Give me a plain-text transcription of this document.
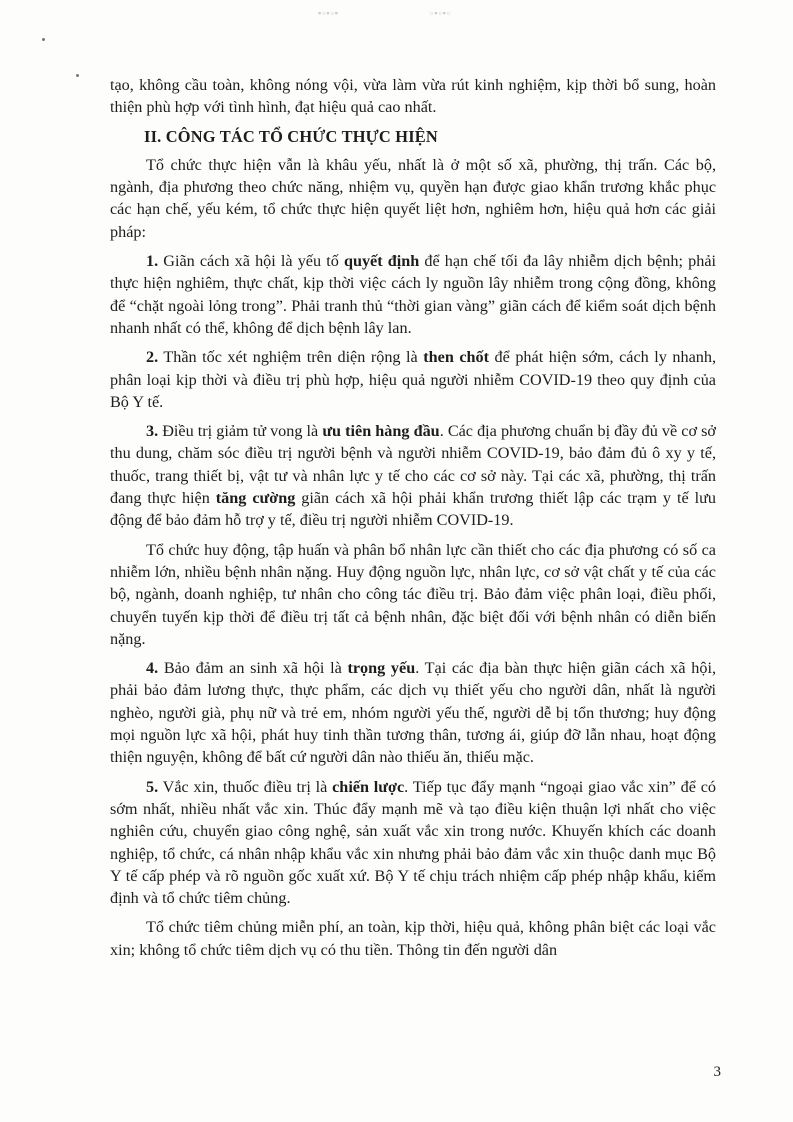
▪▫▪▫▪	▫▪▫▪▫

tạo, không cầu toàn, không nóng vội, vừa làm vừa rút kinh nghiệm, kịp thời bổ sung, hoàn thiện phù hợp với tình hình, đạt hiệu quả cao nhất.

II. CÔNG TÁC TỔ CHỨC THỰC HIỆN

Tổ chức thực hiện vẫn là khâu yếu, nhất là ở một số xã, phường, thị trấn. Các bộ, ngành, địa phương theo chức năng, nhiệm vụ, quyền hạn được giao khẩn trương khắc phục các hạn chế, yếu kém, tổ chức thực hiện quyết liệt hơn, nghiêm hơn, hiệu quả hơn các giải pháp:

1. Giãn cách xã hội là yếu tố quyết định để hạn chế tối đa lây nhiễm dịch bệnh; phải thực hiện nghiêm, thực chất, kịp thời việc cách ly nguồn lây nhiễm trong cộng đồng, không để “chặt ngoài lỏng trong”. Phải tranh thủ “thời gian vàng” giãn cách để kiểm soát dịch bệnh nhanh nhất có thể, không để dịch bệnh lây lan.

2. Thần tốc xét nghiệm trên diện rộng là then chốt để phát hiện sớm, cách ly nhanh, phân loại kịp thời và điều trị phù hợp, hiệu quả người nhiễm COVID-19 theo quy định của Bộ Y tế.

3. Điều trị giảm tử vong là ưu tiên hàng đầu. Các địa phương chuẩn bị đầy đủ về cơ sở thu dung, chăm sóc điều trị người bệnh và người nhiễm COVID-19, bảo đảm đủ ô xy y tế, thuốc, trang thiết bị, vật tư và nhân lực y tế cho các cơ sở này. Tại các xã, phường, thị trấn đang thực hiện tăng cường giãn cách xã hội phải khẩn trương thiết lập các trạm y tế lưu động để bảo đảm hỗ trợ y tế, điều trị người nhiễm COVID-19.

Tổ chức huy động, tập huấn và phân bổ nhân lực cần thiết cho các địa phương có số ca nhiễm lớn, nhiều bệnh nhân nặng. Huy động nguồn lực, nhân lực, cơ sở vật chất y tế của các bộ, ngành, doanh nghiệp, tư nhân cho công tác điều trị. Bảo đảm việc phân loại, điều phối, chuyển tuyến kịp thời để điều trị tất cả bệnh nhân, đặc biệt đối với bệnh nhân có diễn biến nặng.

4. Bảo đảm an sinh xã hội là trọng yếu. Tại các địa bàn thực hiện giãn cách xã hội, phải bảo đảm lương thực, thực phẩm, các dịch vụ thiết yếu cho người dân, nhất là người nghèo, người già, phụ nữ và trẻ em, nhóm người yếu thế, người dễ bị tổn thương; huy động mọi nguồn lực xã hội, phát huy tinh thần tương thân, tương ái, giúp đỡ lẫn nhau, hoạt động thiện nguyện, không để bất cứ người dân nào thiếu ăn, thiếu mặc.

5. Vắc xin, thuốc điều trị là chiến lược. Tiếp tục đẩy mạnh “ngoại giao vắc xin” để có sớm nhất, nhiều nhất vắc xin. Thúc đẩy mạnh mẽ và tạo điều kiện thuận lợi nhất cho việc nghiên cứu, chuyển giao công nghệ, sản xuất vắc xin trong nước. Khuyến khích các doanh nghiệp, tổ chức, cá nhân nhập khẩu vắc xin nhưng phải bảo đảm vắc xin thuộc danh mục Bộ Y tế cấp phép và rõ nguồn gốc xuất xứ. Bộ Y tế chịu trách nhiệm cấp phép nhập khẩu, kiểm định và tổ chức tiêm chủng.

Tổ chức tiêm chủng miễn phí, an toàn, kịp thời, hiệu quả, không phân biệt các loại vắc xin; không tổ chức tiêm dịch vụ có thu tiền. Thông tin đến người dân

3
